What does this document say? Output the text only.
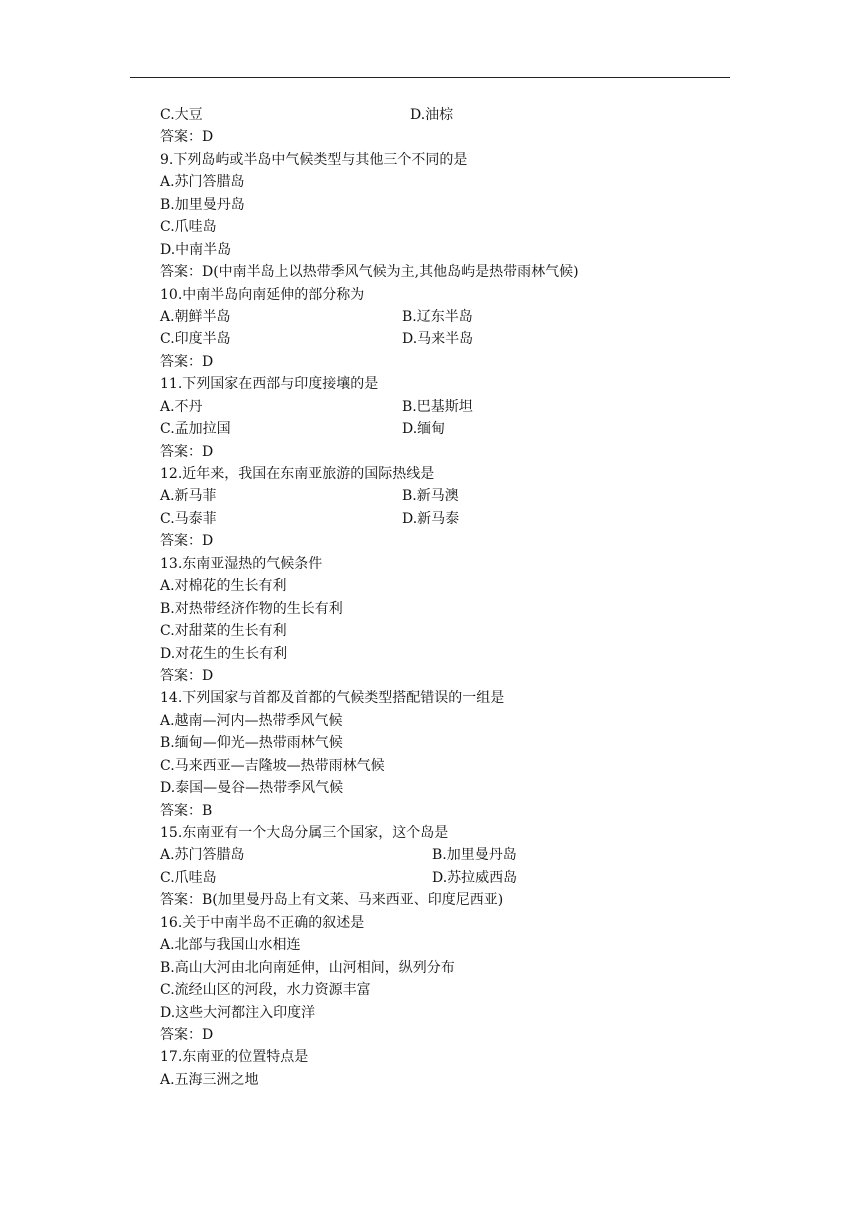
C.大豆	D.油棕
答案：D
9.下列岛屿或半岛中气候类型与其他三个不同的是
A.苏门答腊岛
B.加里曼丹岛
C.爪哇岛
D.中南半岛
答案：D(中南半岛上以热带季风气候为主,其他岛屿是热带雨林气候)
10.中南半岛向南延伸的部分称为
A.朝鲜半岛	B.辽东半岛
C.印度半岛	D.马来半岛
答案：D
11.下列国家在西部与印度接壤的是
A.不丹	B.巴基斯坦
C.孟加拉国	D.缅甸
答案：D
12.近年来，我国在东南亚旅游的国际热线是
A.新马菲	B.新马澳
C.马泰菲	D.新马泰
答案：D
13.东南亚湿热的气候条件
A.对棉花的生长有利
B.对热带经济作物的生长有利
C.对甜菜的生长有利
D.对花生的生长有利
答案：D
14.下列国家与首都及首都的气候类型搭配错误的一组是
A.越南—河内—热带季风气候
B.缅甸—仰光—热带雨林气候
C.马来西亚—吉隆坡—热带雨林气候
D.泰国—曼谷—热带季风气候
答案：B
15.东南亚有一个大岛分属三个国家，这个岛是
A.苏门答腊岛	B.加里曼丹岛
C.爪哇岛	D.苏拉威西岛
答案：B(加里曼丹岛上有文莱、马来西亚、印度尼西亚)
16.关于中南半岛不正确的叙述是
A.北部与我国山水相连
B.高山大河由北向南延伸，山河相间，纵列分布
C.流经山区的河段，水力资源丰富
D.这些大河都注入印度洋
答案：D
17.东南亚的位置特点是
A.五海三洲之地
